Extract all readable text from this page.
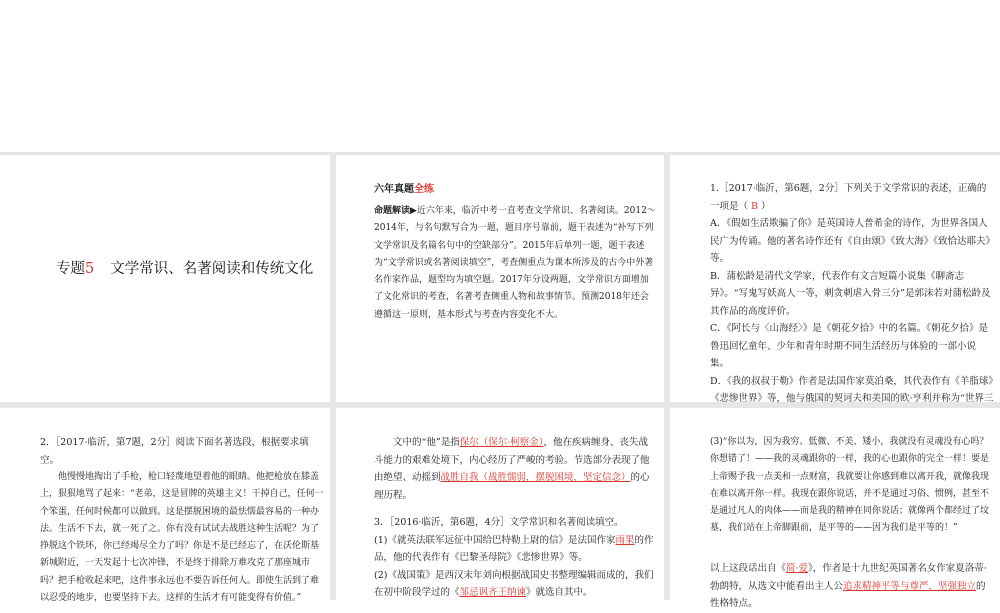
专题5 文学常识、名著阅读和传统文化
六年真题全练
命题解读▶近六年来，临沂中考一直考查文学常识、名著阅读。2012～2014年，与名句默写合为一题，题目序号靠前，题干表述为“补写下列文学常识及名篇名句中的空缺部分”。2015年后单列一题，题干表述为“文学常识或名著阅读填空”，考查侧重点为课本所涉及的古今中外著名作家作品，题型均为填空题。2017年分设两题，文学常识方面增加了文化常识的考查，名著考查侧重人物和故事情节。预测2018年还会遵循这一原则，基本形式与考查内容变化不大。

1.［2017·临沂，第6题，2分］下列关于文学常识的表述，正确的一项是（ B ）

A．《假如生活欺骗了你》是英国诗人普希金的诗作，为世界各国人民广为传诵。他的著名诗作还有《自由颂》《致大海》《致恰达耶夫》等。

B．蒲松龄是清代文学家，代表作有文言短篇小说集《聊斋志异》。“写鬼写妖高人一等，刺贪刺虐入骨三分”是郭沫若对蒲松龄及其作品的高度评价。

C．《阿长与〈山海经〉》是《朝花夕拾》中的名篇。《朝花夕拾》是鲁迅回忆童年、少年和青年时期不同生活经历与体验的一部小说集。

D．《我的叔叔于勒》作者是法国作家莫泊桑，其代表作有《羊脂球》《悲惨世界》等，他与俄国的契诃夫和美国的欧·亨利并称为“世界三

2．［2017·临沂，第7题，2分］阅读下面名著选段，根据要求填空。

他慢慢地掏出了手枪，枪口轻蔑地望着他的眼睛。他把枪放在膝盖上，狠狠地骂了起来：“老弟，这是冒牌的英雄主义！干掉自己，任何一个笨蛋，任何时候都可以做到。这是摆脱困境的最怯懦最容易的一种办法。生活不下去，就一死了之。你有没有试试去战胜这种生活呢？为了挣脱这个铁环，你已经竭尽全力了吗？你是不是已经忘了，在沃伦斯基新城附近，一天发起十七次冲锋，不是终于排除万难攻克了那座城市吗？把手枪收起来吧，这件事永远也不要告诉任何人。即使生活到了难以忍受的地步，也要坚持下去。这样的生活才有可能变得有价值。”

文中的“他”是指保尔（保尔·柯察金），他在疾病缠身、丧失战斗能力的艰难处境下，内心经历了严峻的考验。节选部分表现了他由绝望、动摇到战胜自我（战胜懦弱，摆脱困境，坚定信念）的心理历程。

3．［2016·临沂，第6题，4分］文学常识和名著阅读填空。

(1)《就英法联军远征中国给巴特勒上尉的信》是法国作家雨果的作品，他的代表作有《巴黎圣母院》《悲惨世界》等。

(2)《战国策》是西汉末年刘向根据战国史书整理编辑而成的，我们在初中阶段学过的《邹忌讽齐王纳谏》就选自其中。

(3)“你以为，因为我穷、低微、不美、矮小，我就没有灵魂没有心吗？你想错了！——我的灵魂跟你的一样，我的心也跟你的完全一样！要是上帝赐予我一点美和一点财富，我就要让你感到难以离开我，就像我现在难以离开你一样。我现在跟你说话，并不是通过习俗、惯例，甚至不是通过凡人的肉体——而是我的精神在同你说话；就像两个都经过了坟墓，我们站在上帝脚跟前，是平等的——因为我们是平等的！”
以上这段话出自《简·爱》，作者是十九世纪英国著名女作家夏洛蒂·勃朗特，从选文中能看出主人公追求精神平等与尊严，坚强独立的性格特点。
